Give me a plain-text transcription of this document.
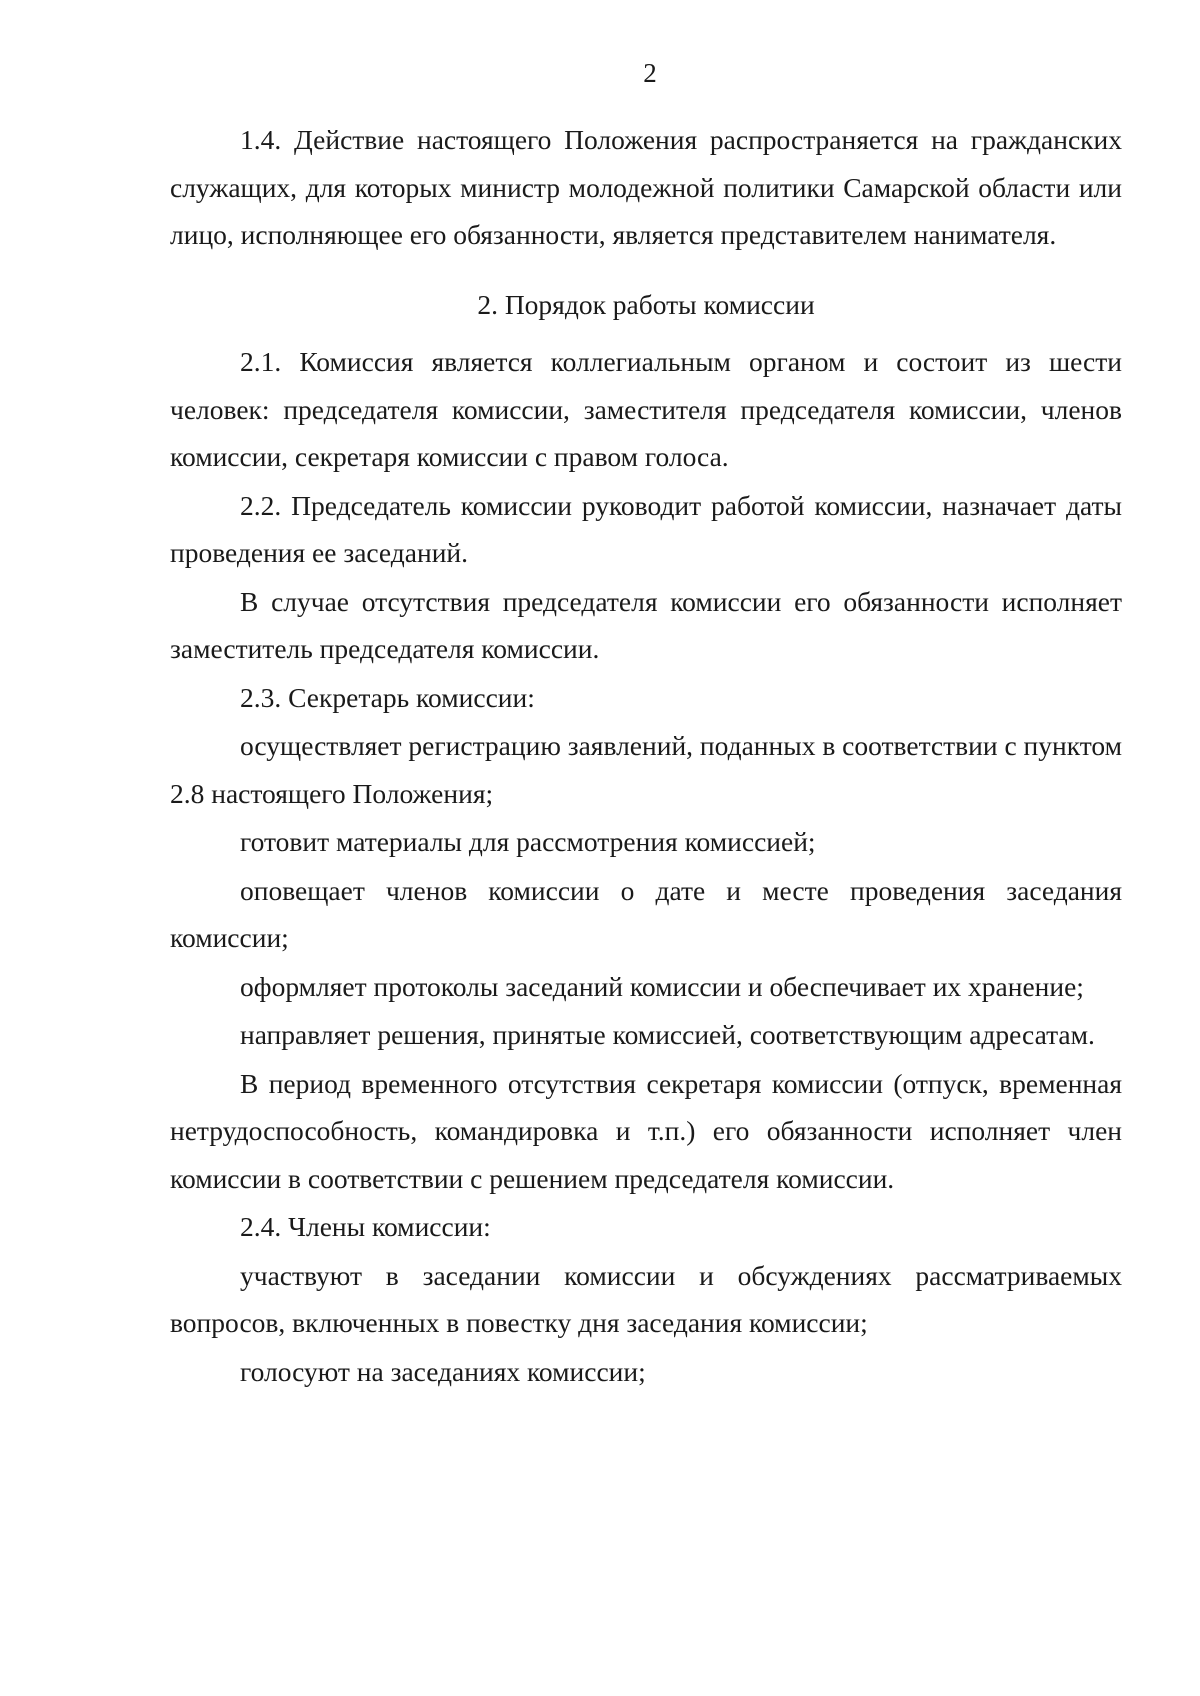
2

1.4. Действие настоящего Положения распространяется на гражданских служащих, для которых министр молодежной политики Самарской области или лицо, исполняющее его обязанности, является представителем нанимателя.

2. Порядок работы комиссии

2.1. Комиссия является коллегиальным органом и состоит из шести человек: председателя комиссии, заместителя председателя комиссии, членов комиссии, секретаря комиссии с правом голоса.

2.2. Председатель комиссии руководит работой комиссии, назначает даты проведения ее заседаний.

В случае отсутствия председателя комиссии его обязанности исполняет заместитель председателя комиссии.

2.3. Секретарь комиссии:

осуществляет регистрацию заявлений, поданных в соответствии с пунктом 2.8 настоящего Положения;

готовит материалы для рассмотрения комиссией;

оповещает членов комиссии о дате и месте проведения заседания комиссии;

оформляет протоколы заседаний комиссии и обеспечивает их хранение;

направляет решения, принятые комиссией, соответствующим адресатам.

В период временного отсутствия секретаря комиссии (отпуск, временная нетрудоспособность, командировка и т.п.) его обязанности исполняет член комиссии в соответствии с решением председателя комиссии.

2.4. Члены комиссии:

участвуют в заседании комиссии и обсуждениях рассматриваемых вопросов, включенных в повестку дня заседания комиссии;

голосуют на заседаниях комиссии;
